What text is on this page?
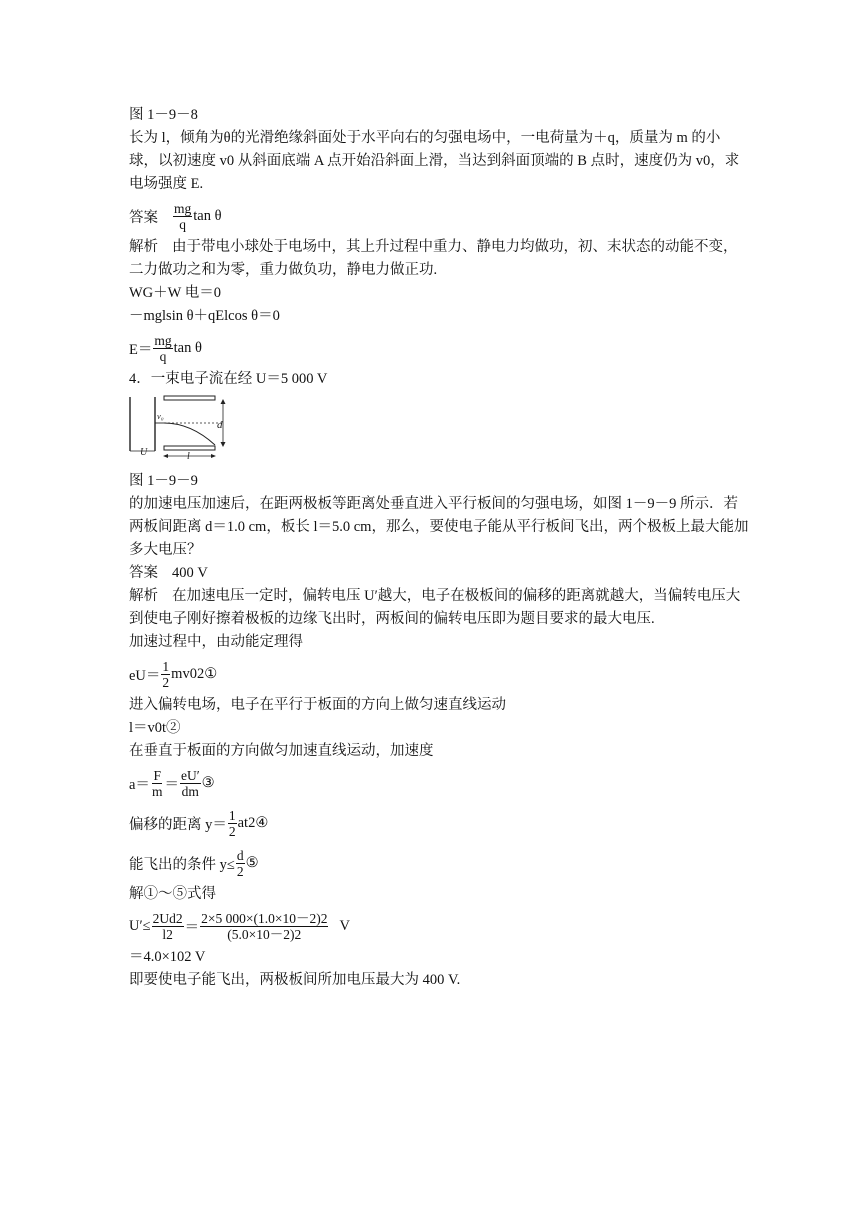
图 1－9－8
长为 l，倾角为θ的光滑绝缘斜面处于水平向右的匀强电场中，一电荷量为＋q，质量为 m 的小球，以初速度 v0 从斜面底端 A 点开始沿斜面上滑，当达到斜面顶端的 B 点时，速度仍为 v0，求电场强度 E.
答案 $\frac{mg}{q}$ tan θ
解析 由于带电小球处于电场中，其上升过程中重力、静电力均做功，初、末状态的动能不变，二力做功之和为零，重力做负功，静电力做正功.
WG＋W 电＝0
－mglsin θ＋qElcos θ＝0
$E= \frac{mg}{q}$ tan θ
4．一束电子流在经 U＝5 000 V
d
v₀
U	l
图 1－9－9
的加速电压加速后，在距两极板等距离处垂直进入平行板间的匀强电场，如图 1－9－9 所示．若两板间距离 d＝1.0 cm，板长 l＝5.0 cm，那么，要使电子能从平行板间飞出，两个极板上最大能加多大电压？
答案 400 V
解析 在加速电压一定时，偏转电压 U′越大，电子在极板间的偏移的距离就越大，当偏转电压大到使电子刚好擦着极板的边缘飞出时，两板间的偏转电压即为题目要求的最大电压.
加速过程中，由动能定理得
$eU= \frac{1}{2} mv0$ 2①
进入偏转电场，电子在平行于板面的方向上做匀速直线运动
l＝v0t②
在垂直于板面的方向做匀加速直线运动，加速度
$a= \frac{F}{m} = \frac{eU'}{dm}$ ③
偏移的距离 $y= \frac{1}{2}$ at2④
能飞出的条件 $y\le \frac{d}{2}$ ⑤
解①～⑤式得
$U'\le \frac{2Ud2}{l2} = \frac{2\times 5 000\times(1.0\times 10-2)2}{(5.0\times 10-2)2}$ V
＝4.0×102 V
即要使电子能飞出，两极板间所加电压最大为 400 V.
